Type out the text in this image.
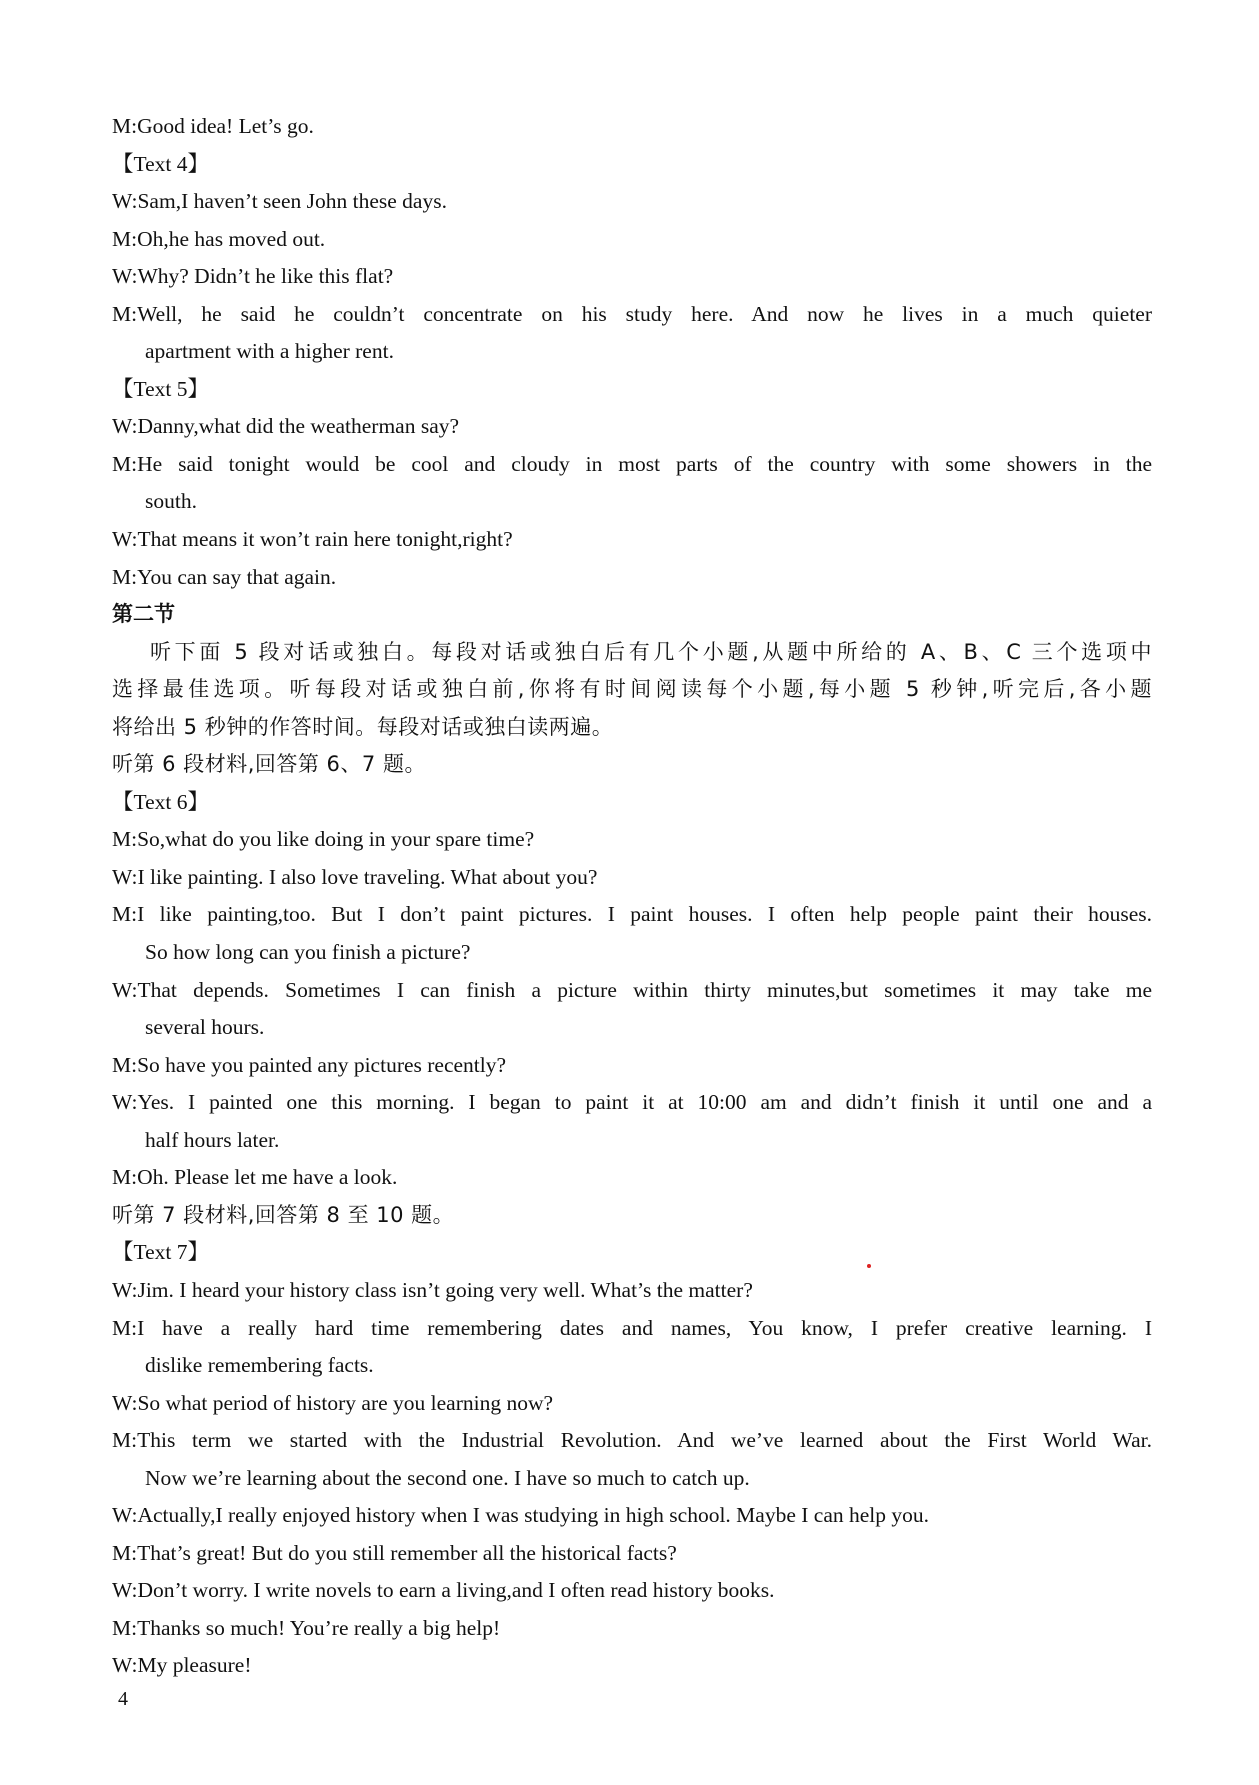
M:Good idea! Let’s go.
【Text 4】
W:Sam,I haven’t seen John these days.
M:Oh,he has moved out.
W:Why? Didn’t he like this flat?
M:Well, he said he couldn’t concentrate on his study here. And now he lives in a much quieter
apartment with a higher rent.
【Text 5】
W:Danny,what did the weatherman say?
M:He said tonight would be cool and cloudy in most parts of the country with some showers in the
south.
W:That means it won’t rain here tonight,right?
M:You can say that again.
第二节
听下面 5 段对话或独白。每段对话或独白后有几个小题,从题中所给的 A、B、C 三个选项中
选择最佳选项。听每段对话或独白前,你将有时间阅读每个小题,每小题 5 秒钟,听完后,各小题
将给出 5 秒钟的作答时间。每段对话或独白读两遍。
听第 6 段材料,回答第 6、7 题。
【Text 6】
M:So,what do you like doing in your spare time?
W:I like painting. I also love traveling. What about you?
M:I like painting,too. But I don’t paint pictures. I paint houses. I often help people paint their houses.
So how long can you finish a picture?
W:That depends. Sometimes I can finish a picture within thirty minutes,but sometimes it may take me
several hours.
M:So have you painted any pictures recently?
W:Yes. I painted one this morning. I began to paint it at 10:00 am and didn’t finish it until one and a
half hours later.
M:Oh. Please let me have a look.
听第 7 段材料,回答第 8 至 10 题。
【Text 7】
W:Jim. I heard your history class isn’t going very well. What’s the matter?
M:I have a really hard time remembering dates and names, You know, I prefer creative learning. I
dislike remembering facts.
W:So what period of history are you learning now?
M:This term we started with the Industrial Revolution. And we’ve learned about the First World War.
Now we’re learning about the second one. I have so much to catch up.
W:Actually,I really enjoyed history when I was studying in high school. Maybe I can help you.
M:That’s great! But do you still remember all the historical facts?
W:Don’t worry. I write novels to earn a living,and I often read history books.
M:Thanks so much! You’re really a big help!
W:My pleasure!
4
